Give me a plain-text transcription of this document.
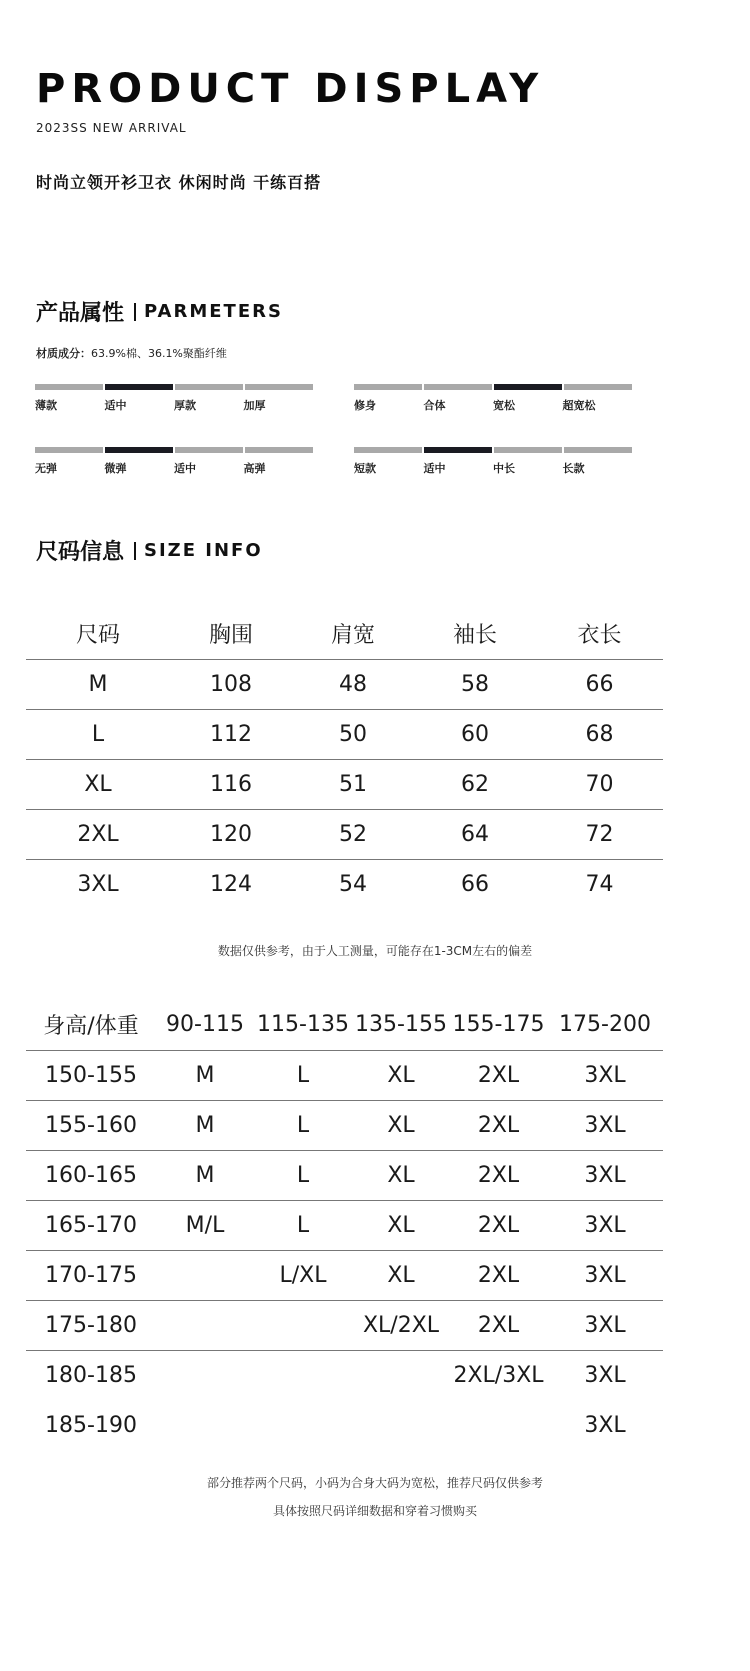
PRODUCT DISPLAY
2023SS NEW ARRIVAL
时尚立领开衫卫衣 休闲时尚 干练百搭
产品属性 PARMETERS
材质成分：63.9%棉、36.1%聚酯纤维
薄款	适中	厚款	加厚	修身	合体	宽松	超宽松
无弹	微弹	适中	高弹	短款	适中	中长	长款
尺码信息 SIZE INFO
尺码	胸围	肩宽	袖长	衣长
M	108	48	58	66
L	112	50	60	68
XL	116	51	62	70
2XL	120	52	64	72
3XL	124	54	66	74
数据仅供参考，由于人工测量，可能存在1-3CM左右的偏差
身高/体重	90-115	115-135	135-155	155-175	175-200
150-155	M	L	XL	2XL	3XL
155-160	M	L	XL	2XL	3XL
160-165	M	L	XL	2XL	3XL
165-170	M/L	L	XL	2XL	3XL
170-175		L/XL	XL	2XL	3XL
175-180			XL/2XL	2XL	3XL
180-185				2XL/3XL	3XL
185-190					3XL
部分推荐两个尺码，小码为合身大码为宽松，推荐尺码仅供参考
具体按照尺码详细数据和穿着习惯购买
